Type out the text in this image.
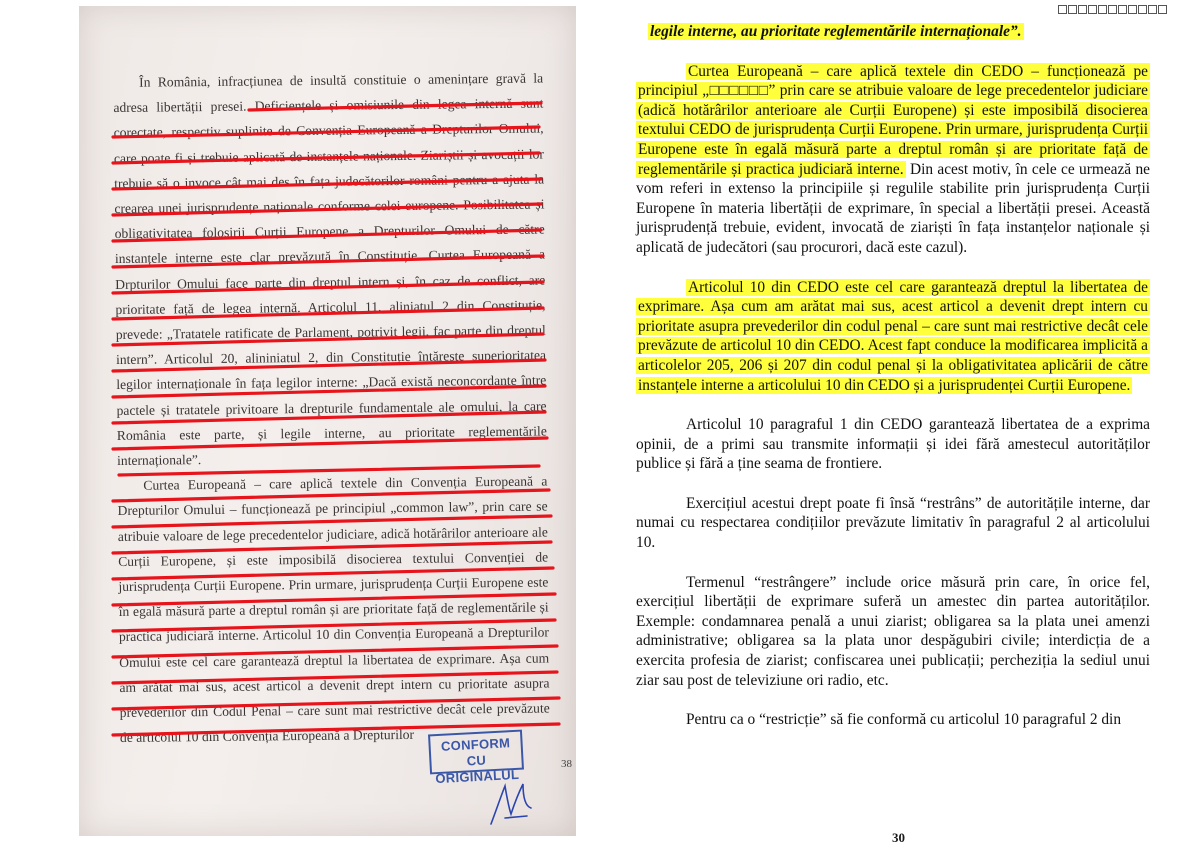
În România, infracțiunea de insultă constituie o amenințare gravă la adresa libertății presei. Deficiențele și omisiunile din legea internă sunt corectate, respectiv suplinite de Convenția Europeană a Drepturilor Omului, care poate fi și trebuie aplicată de instanțele naționale. Ziariștii și avocații lor trebuie să o invoce cât mai des în fața judecătorilor români pentru a ajuta la crearea unei jurisprudențe naționale conforme celei europene. Posibilitatea și obligativitatea folosirii Curții Europene a Drepturilor Omului de către instanțele interne este clar prevăzută în Constituție. Curtea Europeană a Drpturilor Omului face parte din dreptul intern și, în caz de conflict, are prioritate față de legea internă. Articolul 11, aliniatul 2 din Constituție, prevede: „Tratatele ratificate de Parlament, potrivit legii, fac parte din dreptul intern”. Articolul 20, alininiatul 2, din Constituție întărește superioritatea legilor internaționale în fața legilor interne: „Dacă există neconcordanțe între pactele și tratatele privitoare la drepturile fundamentale ale omului, la care România este parte, și legile interne, au prioritate reglementările internaționale”.

Curtea Europeană – care aplică textele din Convenția Europeană a Drepturilor Omului – funcționează pe principiul „common law”, prin care se atribuie valoare de lege precedentelor judiciare, adică hotărârilor anterioare ale Curții Europene, și este imposibilă disocierea textului Convenției de jurisprudența Curții Europene. Prin urmare, jurisprudența Curții Europene este în egală măsură parte a dreptul român și are prioritate față de reglementările și practica judiciară interne. Articolul 10 din Convenția Europeană a Drepturilor Omului este cel care garantează dreptul la libertatea de exprimare. Așa cum am arătat mai sus, acest articol a devenit drept intern cu prioritate asupra prevederilor din Codul Penal – care sunt mai restrictive decât cele prevăzute de articolul 10 din Convenția Europeană a Drepturilor	CONFORM CU
ORIGINALUL
38

legile interne, au prioritate reglementările internaționale”.

Curtea Europeană – care aplică textele din CEDO – funcționează pe principiul „□□□□□□” prin care se atribuie valoare de lege precedentelor judiciare (adică hotărârilor anterioare ale Curții Europene) și este imposibilă disocierea textului CEDO de jurisprudența Curții Europene. Prin urmare, jurisprudența Curții Europene este în egală măsură parte a dreptul român și are prioritate față de reglementările și practica judiciară interne. Din acest motiv, în cele ce urmează ne vom referi in extenso la principiile și regulile stabilite prin jurisprudența Curții Europene în materia libertății de exprimare, în special a libertății presei. Această jurisprudență trebuie, evident, invocată de ziariști în fața instanțelor naționale și aplicată de judecători (sau procurori, dacă este cazul).

Articolul 10 din CEDO este cel care garantează dreptul la libertatea de exprimare. Așa cum am arătat mai sus, acest articol a devenit drept intern cu prioritate asupra prevederilor din codul penal – care sunt mai restrictive decât cele prevăzute de articolul 10 din CEDO. Acest fapt conduce la modificarea implicită a articolelor 205, 206 și 207 din codul penal și la obligativitatea aplicării de către instanțele interne a articolului 10 din CEDO și a jurisprudenței Curții Europene.

Articolul 10 paragraful 1 din CEDO garantează libertatea de a exprima opinii, de a primi sau transmite informații și idei fără amestecul autorităților publice și fără a ține seama de frontiere.

Exercițiul acestui drept poate fi însă “restrâns” de autoritățile interne, dar numai cu respectarea condițiilor prevăzute limitativ în paragraful 2 al articolului 10.

Termenul “restrângere” include orice măsură prin care, în orice fel, exercițiul libertății de exprimare suferă un amestec din partea autorităților. Exemple: condamnarea penală a unui ziarist; obligarea sa la plata unei amenzi administrative; obligarea sa la plata unor despăgubiri civile; interdicția de a exercita profesia de ziarist; confiscarea unei publicații; percheziția la sediul unui ziar sau post de televiziune ori radio, etc.

Pentru ca o “restricție” să fie conformă cu articolul 10 paragraful 2 din

30
